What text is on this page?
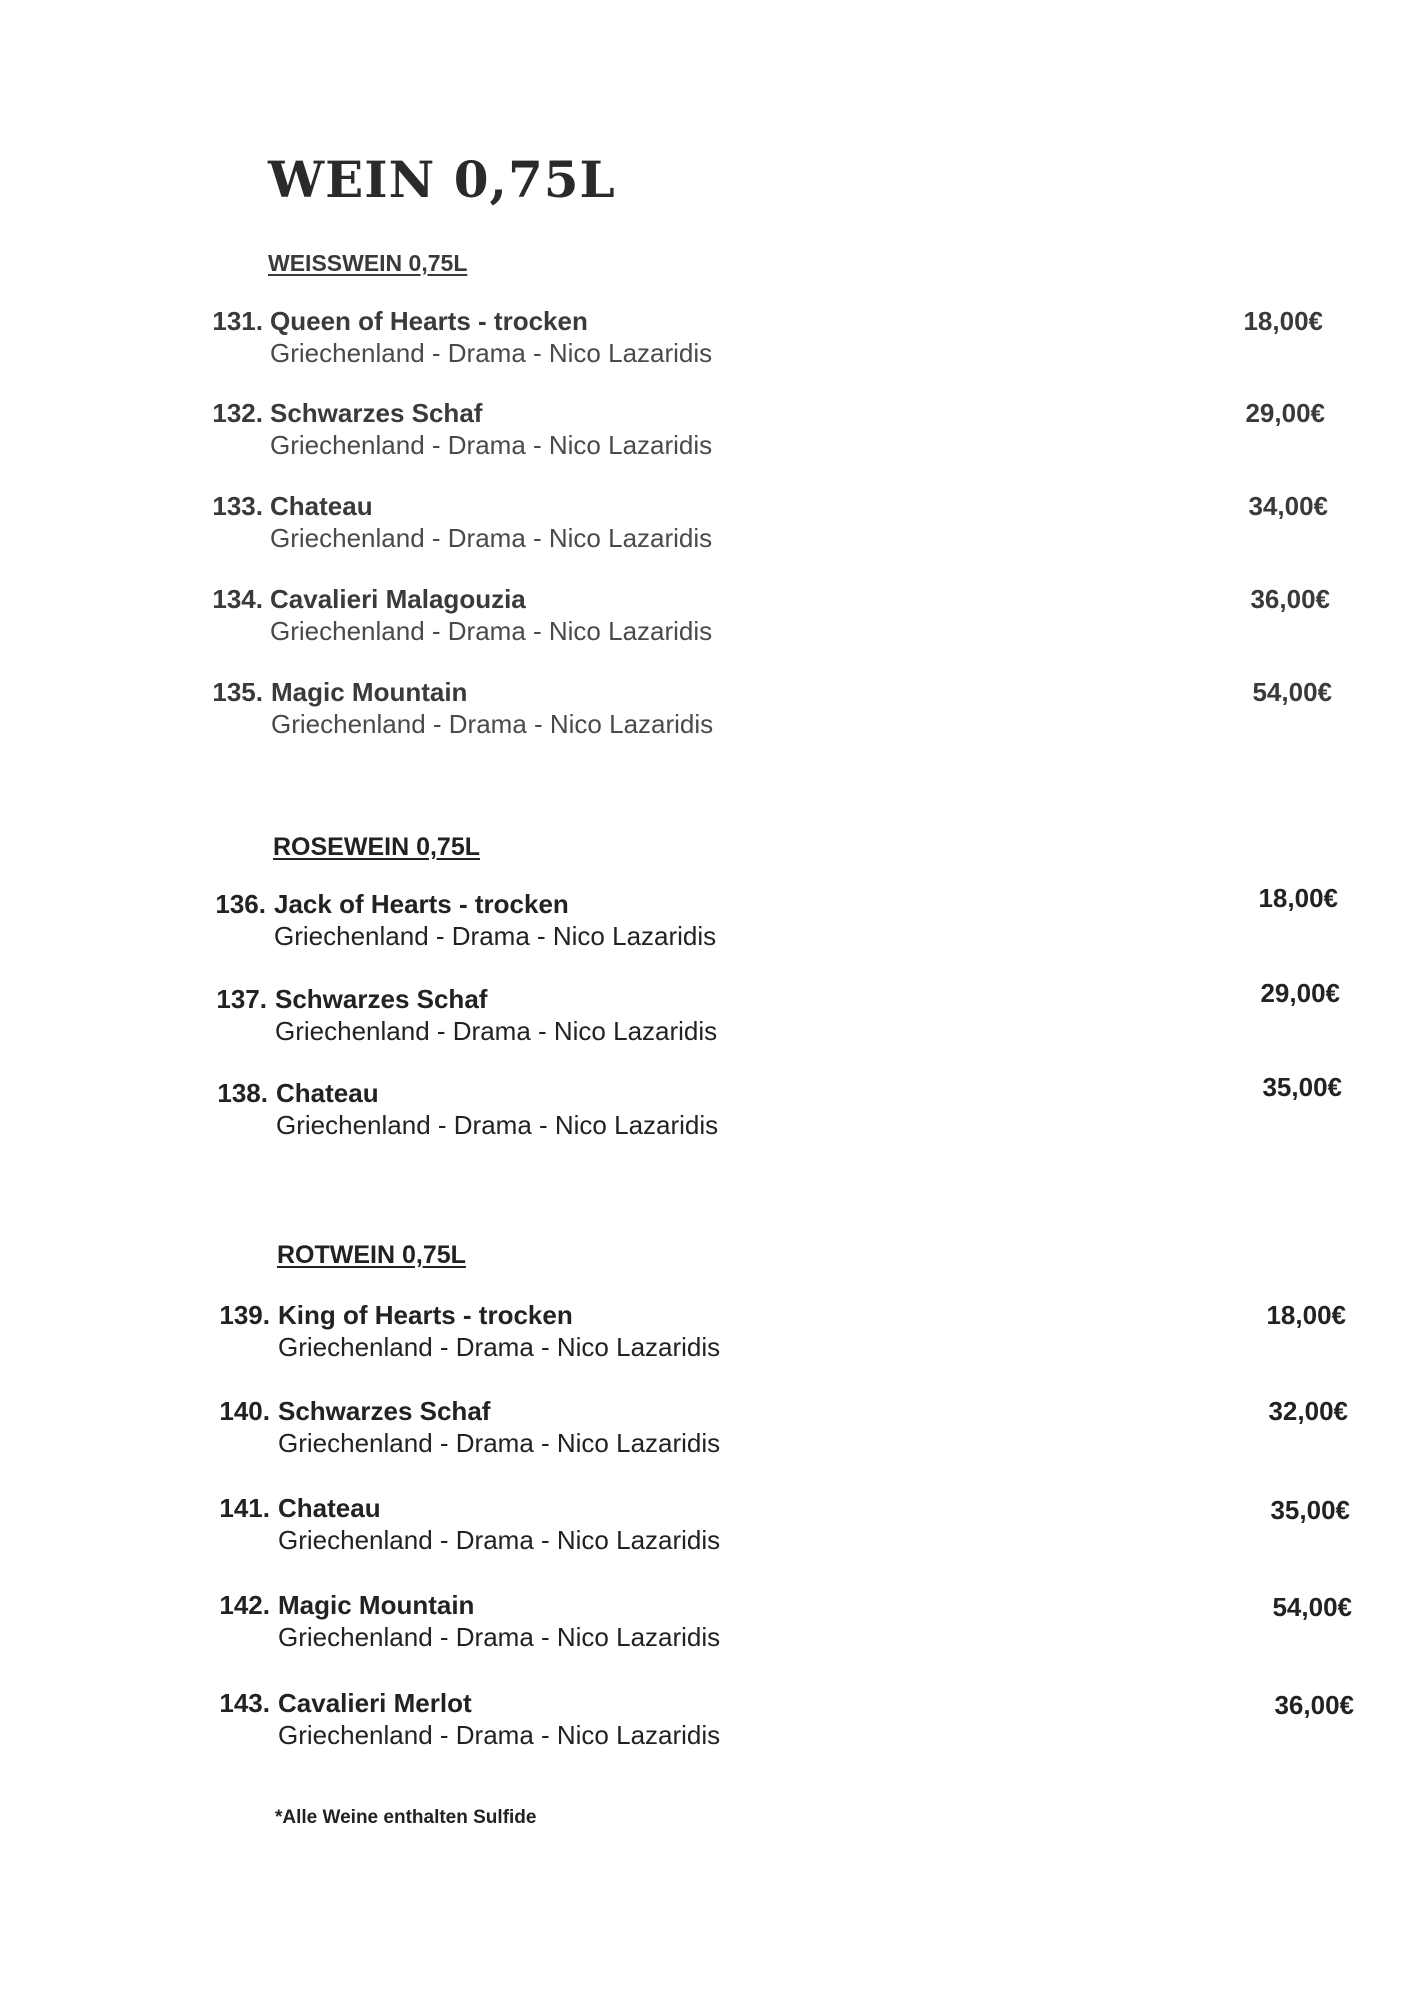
WEIN 0,75L
WEISSWEIN 0,75L
131. Queen of Hearts - trocken
Griechenland - Drama - Nico Lazaridis
18,00€
132. Schwarzes Schaf
Griechenland - Drama - Nico Lazaridis
29,00€
133. Chateau
Griechenland - Drama - Nico Lazaridis
34,00€
134. Cavalieri Malagouzia
Griechenland - Drama - Nico Lazaridis
36,00€
135. Magic Mountain
Griechenland - Drama - Nico Lazaridis
54,00€
ROSEWEIN 0,75L
136. Jack of Hearts - trocken
Griechenland - Drama - Nico Lazaridis
18,00€
137. Schwarzes Schaf
Griechenland - Drama - Nico Lazaridis
29,00€
138. Chateau
Griechenland - Drama - Nico Lazaridis
35,00€
ROTWEIN 0,75L
139. King of Hearts - trocken
Griechenland - Drama - Nico Lazaridis
18,00€
140. Schwarzes Schaf
Griechenland - Drama - Nico Lazaridis
32,00€
141. Chateau
Griechenland - Drama - Nico Lazaridis
35,00€
142. Magic Mountain
Griechenland - Drama - Nico Lazaridis
54,00€
143. Cavalieri Merlot
Griechenland - Drama - Nico Lazaridis
36,00€
*Alle Weine enthalten Sulfide
